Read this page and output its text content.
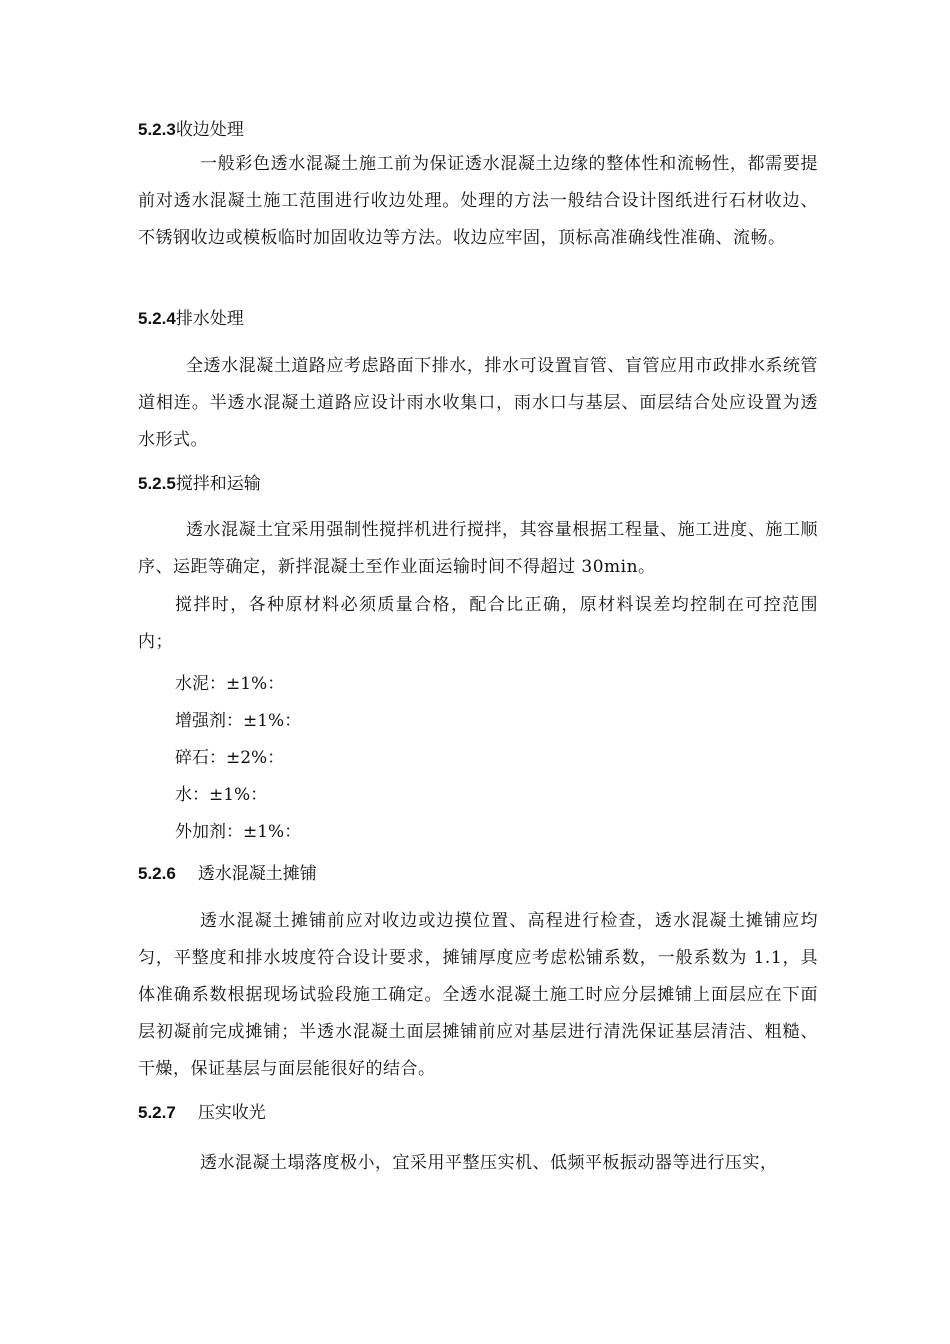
5.2.3收边处理
一般彩色透水混凝土施工前为保证透水混凝土边缘的整体性和流畅性，都需要提前对透水混凝土施工范围进行收边处理。处理的方法一般结合设计图纸进行石材收边、不锈钢收边或模板临时加固收边等方法。收边应牢固，顶标高准确线性准确、流畅。
5.2.4排水处理
全透水混凝土道路应考虑路面下排水，排水可设置盲管、盲管应用市政排水系统管道相连。半透水混凝土道路应设计雨水收集口，雨水口与基层、面层结合处应设置为透水形式。
5.2.5搅拌和运输
透水混凝土宜采用强制性搅拌机进行搅拌，其容量根据工程量、施工进度、施工顺序、运距等确定，新拌混凝土至作业面运输时间不得超过 30min。
搅拌时，各种原材料必须质量合格，配合比正确，原材料误差均控制在可控范围内；
水泥：±1%：
增强剂：±1%：
碎石：±2%：
水：±1%：
外加剂：±1%：
5.2.6 透水混凝土摊铺
透水混凝土摊铺前应对收边或边摸位置、高程进行检查，透水混凝土摊铺应均匀，平整度和排水坡度符合设计要求，摊铺厚度应考虑松铺系数，一般系数为 1.1，具体准确系数根据现场试验段施工确定。全透水混凝土施工时应分层摊铺上面层应在下面层初凝前完成摊铺；半透水混凝土面层摊铺前应对基层进行清洗保证基层清洁、粗糙、干燥，保证基层与面层能很好的结合。
5.2.7 压实收光
透水混凝土塌落度极小，宜采用平整压实机、低频平板振动器等进行压实，
